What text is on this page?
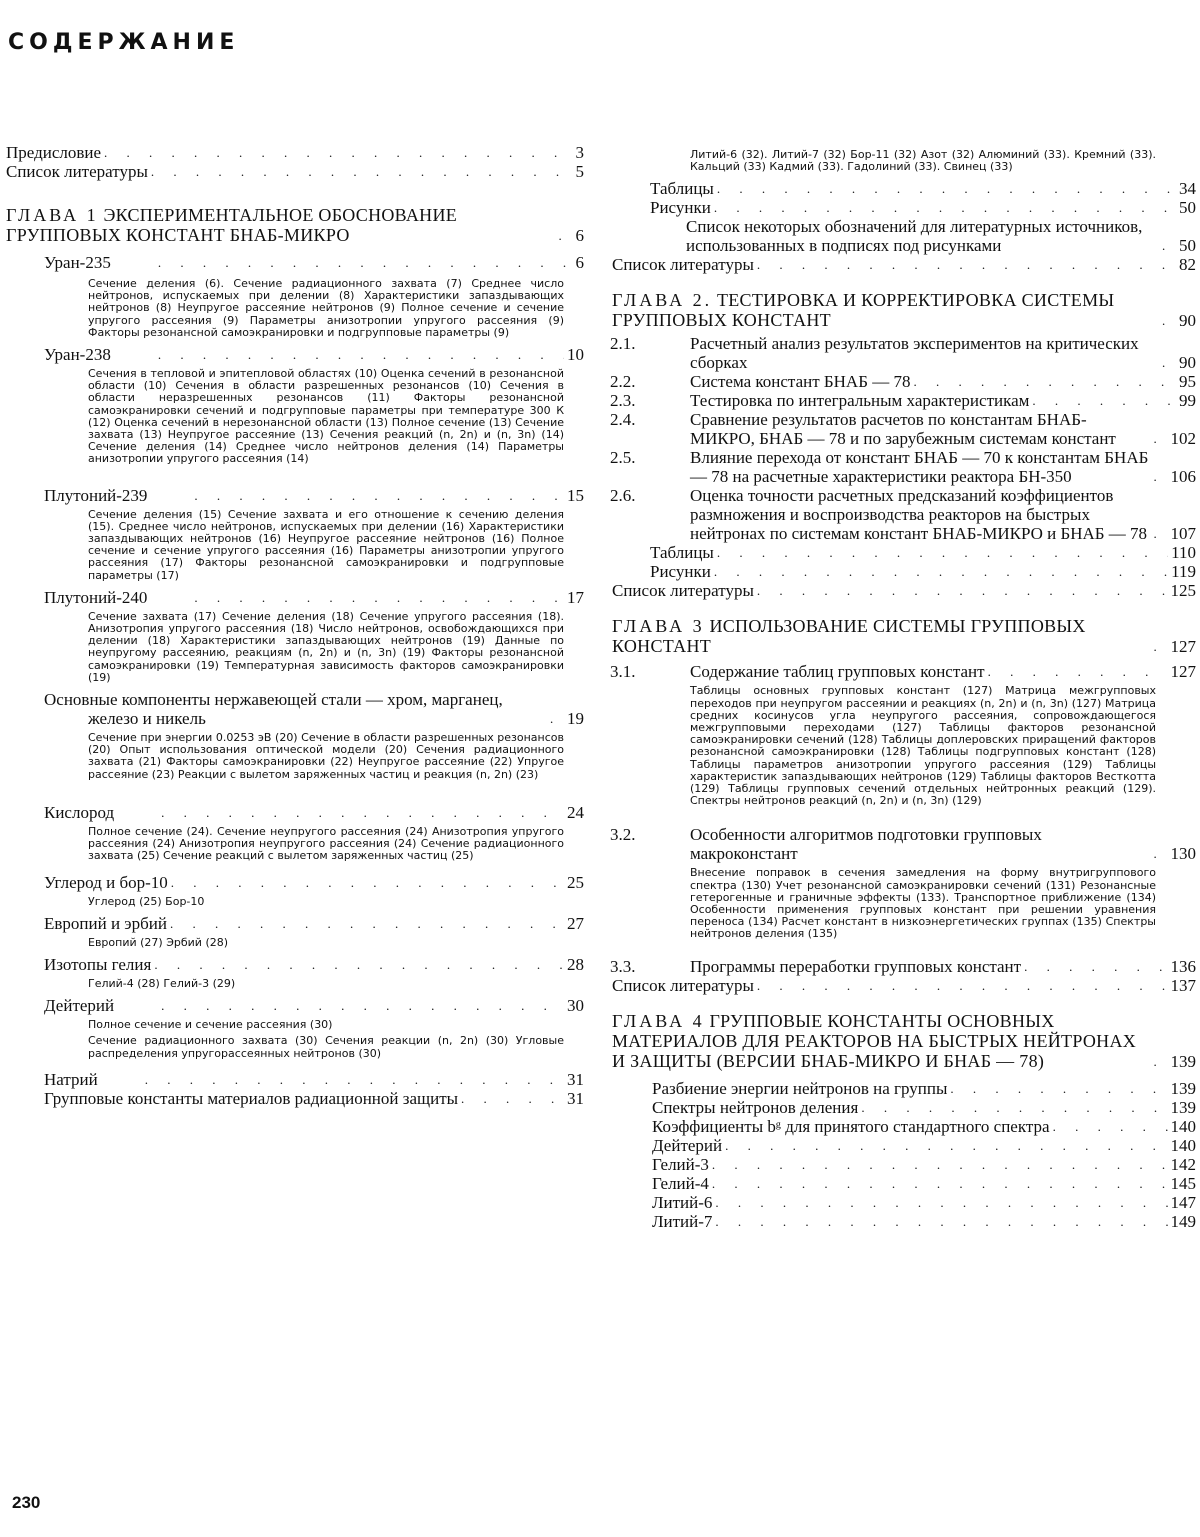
СОДЕРЖАНИЕ
Предисловие . . .	3
Список литературы . . .	5
ГЛАВА 1 ЭКСПЕРИМЕНТАЛЬНОЕ ОБОСНОВАНИЕ ГРУППОВЫХ КОНСТАНТ БНАБ-МИКРО . . .	6
Уран-235 . . .	6
Сечение деления (6). Сечение радиационного захвата (7) Среднее число нейтронов, испускаемых при делении (8) Характеристики запаздывающих нейтронов (8) Неупругое рассеяние нейтронов (9) Полное сечение и сечение упругого рассеяния (9) Параметры анизотропии упругого рассеяния (9) Факторы резонансной самоэкранировки и подгрупповые параметры (9)
Уран-238 . . .	10
Сечения в тепловой и эпитепловой областях (10) Оценка сечений в резонансной области (10) Сечения в области разрешенных резонансов (10) Сечения в области неразрешенных резонансов (11) Факторы резонансной самоэкранировки сечений и подгрупповые параметры при температуре 300 К (12) Оценка сечений в нерезонансной области (13) Полное сечение (13) Сечение захвата (13) Неупругое рассеяние (13) Сечения реакций (n, 2n) и (n, 3n) (14) Сечение деления (14) Среднее число нейтронов деления (14) Параметры анизотропии упругого рассеяния (14)
Плутоний-239 . . .	15
Сечение деления (15) Сечение захвата и его отношение к сечению деления (15). Среднее число нейтронов, испускаемых при делении (16) Характеристики запаздывающих нейтронов (16) Неупругое рассеяние нейтронов (16) Полное сечение и сечение упругого рассеяния (16) Параметры анизотропии упругого рассеяния (17) Факторы резонансной самоэкранировки и подгрупповые параметры (17)
Плутоний-240 . . .	17
Сечение захвата (17) Сечение деления (18) Сечение упругого рассеяния (18). Анизотропия упругого рассеяния (18) Число нейтронов, освобождающихся при делении (18) Характеристики запаздывающих нейтронов (19) Данные по неупругому рассеянию, реакциям (n, 2n) и (n, 3n) (19) Факторы резонансной самоэкранировки (19) Температурная зависимость факторов самоэкранировки (19)
Основные компоненты нержавеющей стали — хром, марганец, железо и никель . . .	19
Сечение при энергии 0.0253 эВ (20) Сечение в области разрешенных резонансов (20) Опыт использования оптической модели (20) Сечения радиационного захвата (21) Факторы самоэкранировки (22) Неупругое рассеяние (22) Упругое рассеяние (23) Реакции с вылетом заряженных частиц и реакция (n, 2n) (23)
Кислород . . .	24
Полное сечение (24). Сечение неупругого рассеяния (24) Анизотропия упругого рассеяния (24) Анизотропия неупругого рассеяния (24) Сечение радиационного захвата (25) Сечение реакций с вылетом заряженных частиц (25)
Углерод и бор-10 . . .	25
Углерод (25) Бор-10
Европий и эрбий . . .	27
Европий (27) Эрбий (28)
Изотопы гелия . . .	28
Гелий-4 (28) Гелий-3 (29)
Дейтерий . . .	30
Полное сечение и сечение рассеяния (30)
Сечение радиационного захвата (30) Сечения реакции (n, 2n) (30) Угловые распределения упругорассеянных нейтронов (30)
Натрий . . .	31
Групповые константы материалов радиационной защиты . . .	31
Литий-6 (32). Литий-7 (32) Бор-11 (32) Азот (32) Алюминий (33). Кремний (33). Кальций (33) Кадмий (33). Гадолиний (33). Свинец (33)
Таблицы . . .	34
Рисунки . . .	50
Список некоторых обозначений для литературных источников, использованных в подписях под рисунками . . .	50
Список литературы . . .	82
ГЛАВА 2. ТЕСТИРОВКА И КОРРЕКТИРОВКА СИСТЕМЫ ГРУППОВЫХ КОНСТАНТ . . .	90
2.1.	Расчетный анализ результатов экспериментов на критических сборках . . .	90
2.2.	Система констант БНАБ — 78 . . .	95
2.3.	Тестировка по интегральным характеристикам . . .	99
2.4.	Сравнение результатов расчетов по константам БНАБ-МИКРО, БНАБ — 78 и по зарубежным системам констант . . .	102
2.5.	Влияние перехода от констант БНАБ — 70 к константам БНАБ — 78 на расчетные характеристики реактора БН-350 . . .	106
2.6.	Оценка точности расчетных предсказаний коэффициентов размножения и воспроизводства реакторов на быстрых нейтронах по системам констант БНАБ-МИКРО и БНАБ — 78 . . . 107
Таблицы . . .	110
Рисунки . . .	119
Список литературы . . .	125
ГЛАВА 3 ИСПОЛЬЗОВАНИЕ СИСТЕМЫ ГРУППОВЫХ КОНСТАНТ . . .	127
3.1.	Содержание таблиц групповых констант . . .	127
Таблицы основных групповых констант (127) Матрица межгрупповых переходов при неупругом рассеянии и реакциях (n, 2n) и (n, 3n) (127) Матрица средних косинусов угла неупругого рассеяния, сопровождающегося межгрупповыми переходами (127) Таблицы факторов резонансной самоэкранировки сечений (128) Таблицы доплеровских приращений факторов резонансной самоэкранировки (128) Таблицы подгрупповых констант (128) Таблицы параметров анизотропии упругого рассеяния (129) Таблицы характеристик запаздывающих нейтронов (129) Таблицы факторов Весткотта (129) Таблицы групповых сечений отдельных нейтронных реакций (129). Спектры нейтронов реакций (n, 2n) и (n, 3n) (129)
3.2.	Особенности алгоритмов подготовки групповых макроконстант . . .	130
Внесение поправок в сечения замедления на форму внутригруппового спектра (130) Учет резонансной самоэкранировки сечений (131) Резонансные гетерогенные и граничные эффекты (133). Транспортное приближение (134) Особенности применения групповых констант при решении уравнения переноса (134) Расчет констант в низкоэнергетических группах (135) Спектры нейтронов деления (135)
3.3.	Программы переработки групповых констант . . .	136
Список литературы . . .	137
ГЛАВА 4 ГРУППОВЫЕ КОНСТАНТЫ ОСНОВНЫХ МАТЕРИАЛОВ ДЛЯ РЕАКТОРОВ НА БЫСТРЫХ НЕЙТРОНАХ И ЗАЩИТЫ (ВЕРСИИ БНАБ-МИКРО И БНАБ — 78) . . .	139
Разбиение энергии нейтронов на группы . . .	139
Спектры нейтронов деления . . .	139
Коэффициенты bᵍ для принятого стандартного спектра . . .	140
Дейтерий . . .	140
Гелий-3 . . .	142
Гелий-4 . . .	145
Литий-6 . . .	147
Литий-7 . . .	149
230
